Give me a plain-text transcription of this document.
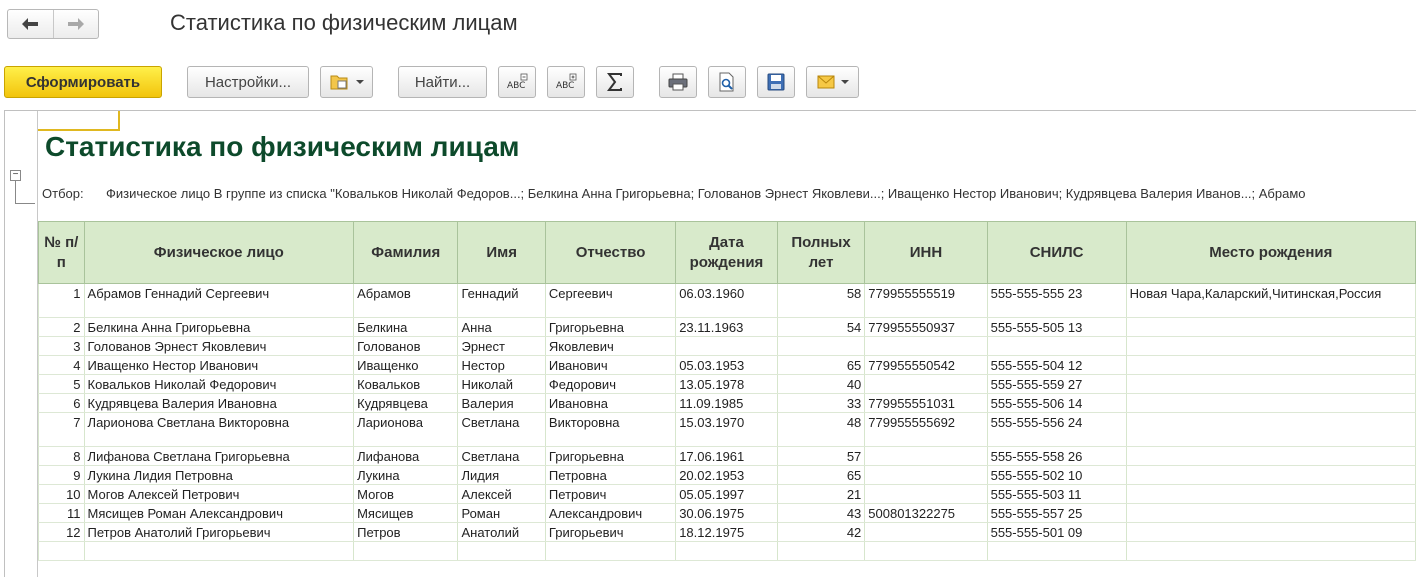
Статистика по физическим лицам
Сформировать	Настройки...	Найти...	ABC	ABC
−
Статистика по физическим лицам
Отбор: Физическое лицо В группе из списка "Ковальков Николай Федоров...; Белкина Анна Григорьевна; Голованов Эрнест Яковлеви...; Иващенко Нестор Иванович; Кудрявцева Валерия Иванов...; Абрамо
№ п/п	Физическое лицо	Фамилия	Имя	Отчество	Дата рождения	Полных лет	ИНН	СНИЛС	Место рождения
1	Абрамов Геннадий Сергеевич	Абрамов	Геннадий	Сергеевич	06.03.1960	58	779955555519	555-555-555 23	Новая Чара,Каларский,Читинская,Россия
2	Белкина Анна Григорьевна	Белкина	Анна	Григорьевна	23.11.1963	54	779955550937	555-555-505 13	
3	Голованов Эрнест Яковлевич	Голованов	Эрнест	Яковлевич					
4	Иващенко Нестор Иванович	Иващенко	Нестор	Иванович	05.03.1953	65	779955550542	555-555-504 12	
5	Ковальков Николай Федорович	Ковальков	Николай	Федорович	13.05.1978	40		555-555-559 27	
6	Кудрявцева Валерия Ивановна	Кудрявцева	Валерия	Ивановна	11.09.1985	33	779955551031	555-555-506 14	
7	Ларионова Светлана Викторовна	Ларионова	Светлана	Викторовна	15.03.1970	48	779955555692	555-555-556 24	
8	Лифанова Светлана Григорьевна	Лифанова	Светлана	Григорьевна	17.06.1961	57		555-555-558 26	
9	Лукина Лидия Петровна	Лукина	Лидия	Петровна	20.02.1953	65		555-555-502 10	
10	Могов Алексей Петрович	Могов	Алексей	Петрович	05.05.1997	21		555-555-503 11	
11	Мясищев Роман Александрович	Мясищев	Роман	Александрович	30.06.1975	43	500801322275	555-555-557 25	
12	Петров Анатолий Григорьевич	Петров	Анатолий	Григорьевич	18.12.1975	42		555-555-501 09	
